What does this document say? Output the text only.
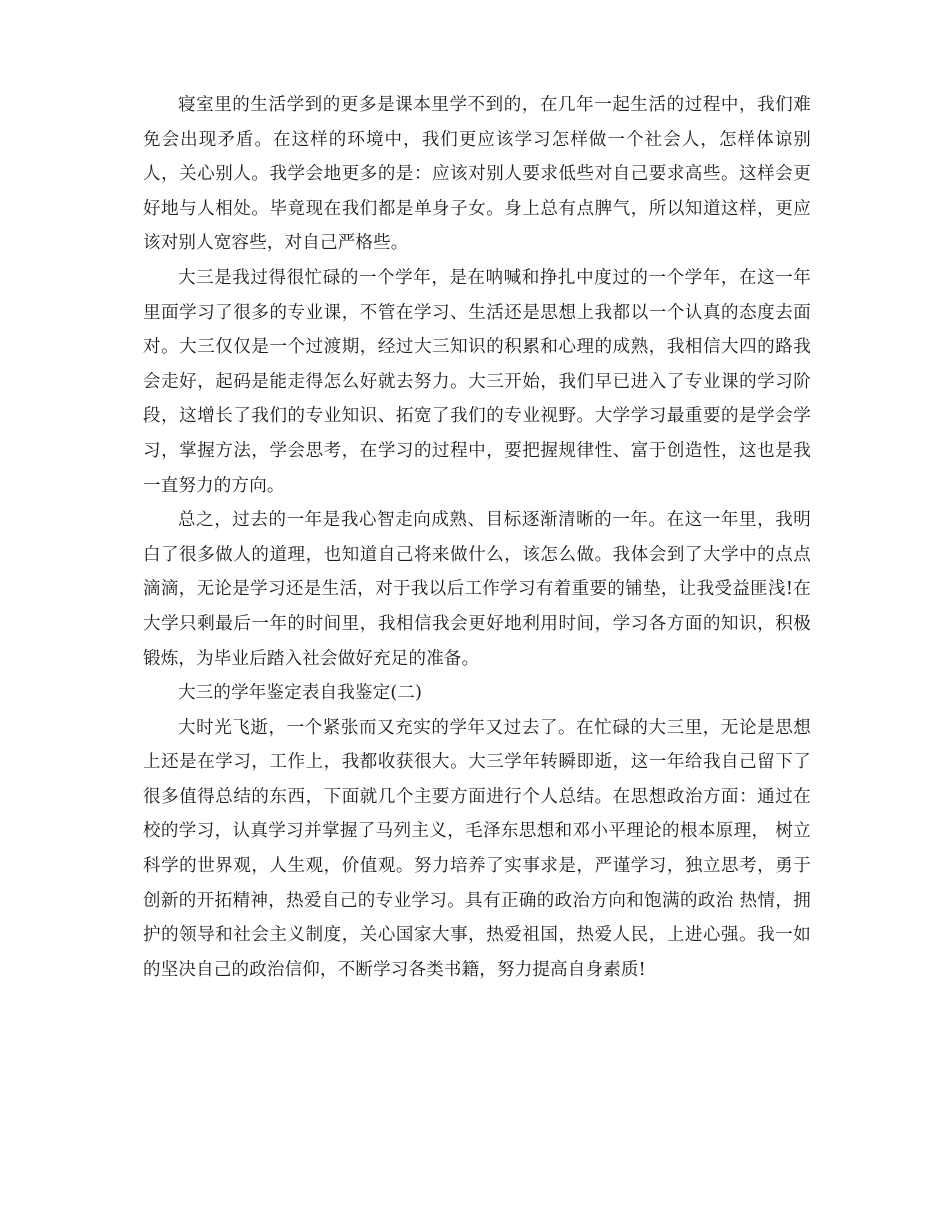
寝室里的生活学到的更多是课本里学不到的，在几年一起生活的过程中，我们难免会出现矛盾。在这样的环境中，我们更应该学习怎样做一个社会人，怎样体谅别人，关心别人。我学会地更多的是：应该对别人要求低些对自己要求高些。这样会更好地与人相处。毕竟现在我们都是单身子女。身上总有点脾气，所以知道这样，更应该对别人宽容些，对自己严格些。

大三是我过得很忙碌的一个学年，是在呐喊和挣扎中度过的一个学年，在这一年里面学习了很多的专业课，不管在学习、生活还是思想上我都以一个认真的态度去面对。大三仅仅是一个过渡期，经过大三知识的积累和心理的成熟，我相信大四的路我会走好，起码是能走得怎么好就去努力。大三开始，我们早已进入了专业课的学习阶段，这增长了我们的专业知识、拓宽了我们的专业视野。大学学习最重要的是学会学习，掌握方法，学会思考，在学习的过程中，要把握规律性、富于创造性，这也是我一直努力的方向。

总之，过去的一年是我心智走向成熟、目标逐渐清晰的一年。在这一年里，我明白了很多做人的道理，也知道自己将来做什么，该怎么做。我体会到了大学中的点点滴滴，无论是学习还是生活，对于我以后工作学习有着重要的铺垫，让我受益匪浅!在大学只剩最后一年的时间里，我相信我会更好地利用时间，学习各方面的知识，积极锻炼，为毕业后踏入社会做好充足的准备。

大三的学年鉴定表自我鉴定(二)

大时光飞逝，一个紧张而又充实的学年又过去了。在忙碌的大三里，无论是思想上还是在学习，工作上，我都收获很大。大三学年转瞬即逝，这一年给我自己留下了 很多值得总结的东西，下面就几个主要方面进行个人总结。在思想政治方面：通过在校的学习，认真学习并掌握了马列主义，毛泽东思想和邓小平理论的根本原理， 树立科学的世界观，人生观，价值观。努力培养了实事求是，严谨学习，独立思考，勇于创新的开拓精神，热爱自己的专业学习。具有正确的政治方向和饱满的政治 热情，拥护的领导和社会主义制度，关心国家大事，热爱祖国，热爱人民，上进心强。我一如的坚决自己的政治信仰，不断学习各类书籍，努力提高自身素质!
